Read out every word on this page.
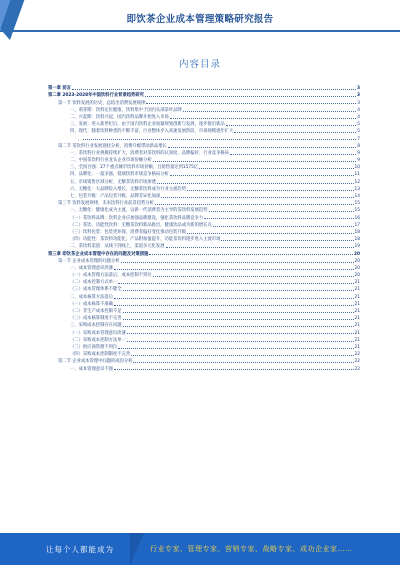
即饮茶企业成本管理策略研究报告
内容目录
第一章 前言	3
第二章 2023-2028年中国饮料行业背景趋势研究	3
第一节 饮料发展的历史，总结出消费发展规律	3
一、萌芽期：饮料定位健康，饮料集中于国内头部茶叶品牌	4
二、兴起期：饮料兴起，国内饮料品牌开始进入市场	4
三、发展：进入新世纪后，由于国内饮料企业加紧规划创新与发展，逐步推出新品	5
四、现代：随着饮料种类的不断丰富，行业整体步入高速发展阶段，市场规模逐年扩大	5
，	7
第二节 茶饮料行业发展现状分析，消费升级带动新品增长	8
一、茶饮料行业规模持续扩大，消费者对茶饮料的认知度、品牌偏好、行业竞争格局	9
二、中国茶饮料行业龙头企业市场份额分析	9
三、全国百强：27个重点城市饮料市场份额，且销售量达到1575亿	10
四、品牌化：一超多强，低端饮料市场竞争格局分析	11
五、市场销售区域分析，无糖茶饮料市场渗透	12
六、无糖化：大品牌投入增长，无糖茶饮料成为行业主流趋势	13
七、包装升级：产品包装升级，品牌差异化加深	14
第三节 饮料发展规律，未来饮料行业前景趋势分析	15
一、无糖化：健康化成为主流，以新一代消费者为主导的茶饮料发展趋势	15
（一）茶饮料品牌：饮料企业应加强品牌建设，强化茶饮料品牌竞争力	16
（二）茶饮、功能性饮料：无糖茶饮料新品推出，健康饮品成为新的增长点	17
（三）饮料包装：包装更环保，消费者偏好变化推动包装升级	18
（四）功能性：茶饮料功能化，产品附加值提升，功能茶饮料逐步进入主流市场	18
二、茶饮料渠道：从线下到线上，渠道多元化发展	19
第三章 即饮茶企业成本管理中存在的问题及对策措施	20
第一节 企业成本管理的问题分析	20
一、成本管理意识淡薄	20
（一）成本管理方法落后，成本控制不到位	20
（二）成本控制方式单一	21
（三）成本管理体系不健全	21
二、成本核算方法落后	21
（一）成本核算不准确	21
（二）非生产成本控制不足	21
（三）成本核算制度不完善	21
三、采购成本控制存在问题	21
（一）采购成本管理意识淡薄	21
（二）采购成本控制方法单一	21
（三）供应商管理不到位	21
（四）采购成本控制制度不完善	22
第二节 企业成本管理中问题的成因分析	22
一、成本管理意识不强	22
让每个人都能成为	行业专家、管理专家、营销专家、战略专家、成功企业家……
